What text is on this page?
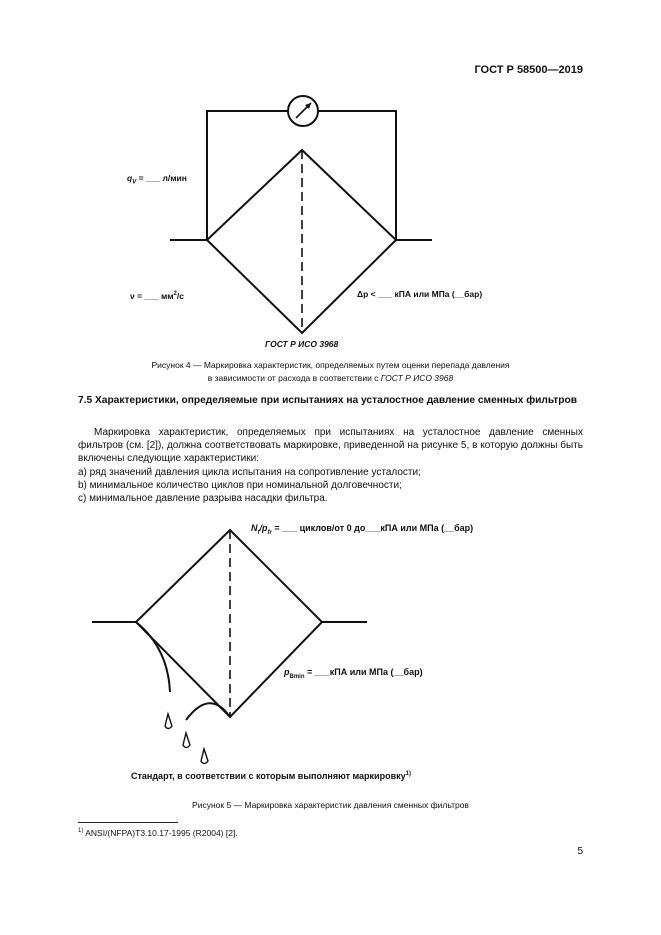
ГОСТ Р 58500—2019
$q_V$ = ___ л/мин
ν = ___ $мм^2/с$	Δp < ___ кПА или МПа (__бар)
ГОСТ Р ИСО 3968
Рисунок 4 — Маркировка характеристик, определяемых путем оценки перепада давления
в зависимости от расхода в соответствии с ГОСТ Р ИСО 3968
7.5 Характеристики, определяемые при испытаниях на усталостное давление сменных фильтров

Маркировка характеристик, определяемых при испытаниях на усталостное давление сменных фильтров (см. [2]), должна соответствовать маркировке, приведенной на рисунке 5, в которую должны быть включены следующие характеристики:

a) ряд значений давления цикла испытания на сопротивление усталости;
b) минимальное количество циклов при номинальной долговечности;
c) минимальное давление разрыва насадки фильтра.
$N_f/p_{fr}$ = ___ циклов/от 0 до___кПА или МПа (__бар)
$p_{Bmin}$ = ___кПА или МПа (__бар)
Стандарт, в соответствии с которым выполняют маркировку$^{1)}$
Рисунок 5 — Маркировка характеристик давления сменных фильтров
$^{1)}$ ANSI/(NFPA)T3.10.17-1995 (R2004) [2].
5
